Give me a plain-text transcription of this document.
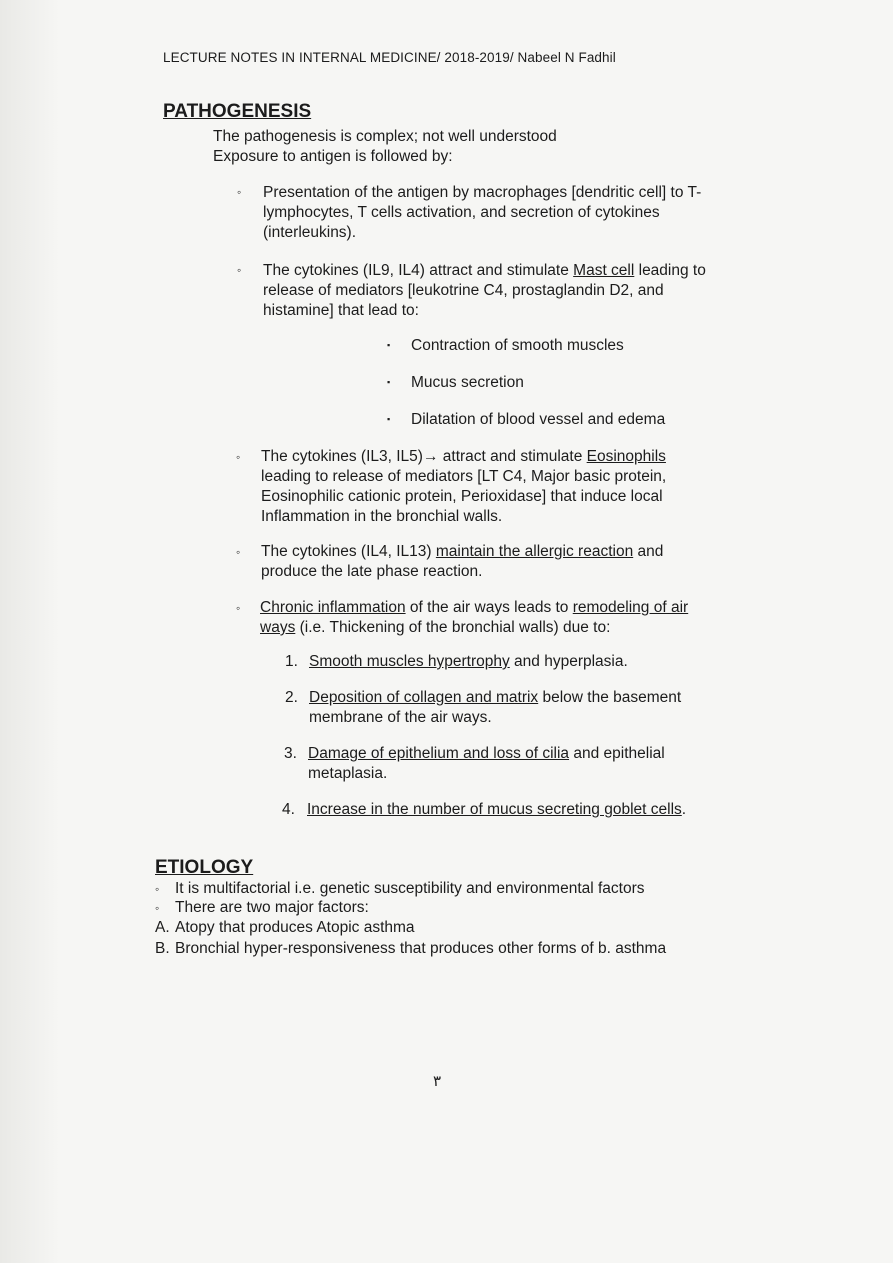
LECTURE NOTES IN INTERNAL MEDICINE/ 2018-2019/ Nabeel N Fadhil
PATHOGENESIS
The pathogenesis is complex; not well understood
Exposure to antigen is followed by:
◦ Presentation of the antigen by macrophages [dendritic cell] to T-
lymphocytes, T cells activation, and secretion of cytokines
(interleukins).
◦ The cytokines (IL9, IL4) attract and stimulate Mast cell leading to
release of mediators [leukotrine C4, prostaglandin D2, and
histamine] that lead to:
▪ Contraction of smooth muscles
▪ Mucus secretion
▪ Dilatation of blood vessel and edema
◦ The cytokines (IL3, IL5)→ attract and stimulate Eosinophils
leading to release of mediators [LT C4, Major basic protein,
Eosinophilic cationic protein, Perioxidase] that induce local
Inflammation in the bronchial walls.
◦ The cytokines (IL4, IL13) maintain the allergic reaction and
produce the late phase reaction.
◦ Chronic inflammation of the air ways leads to remodeling of air
ways (i.e. Thickening of the bronchial walls) due to:
1. Smooth muscles hypertrophy and hyperplasia.
2. Deposition of collagen and matrix below the basement
membrane of the air ways.
3. Damage of epithelium and loss of cilia and epithelial
metaplasia.
4. Increase in the number of mucus secreting goblet cells.
ETIOLOGY
◦ It is multifactorial i.e. genetic susceptibility and environmental factors
◦ There are two major factors:
A. Atopy that produces Atopic asthma
B. Bronchial hyper-responsiveness that produces other forms of b. asthma
٣
